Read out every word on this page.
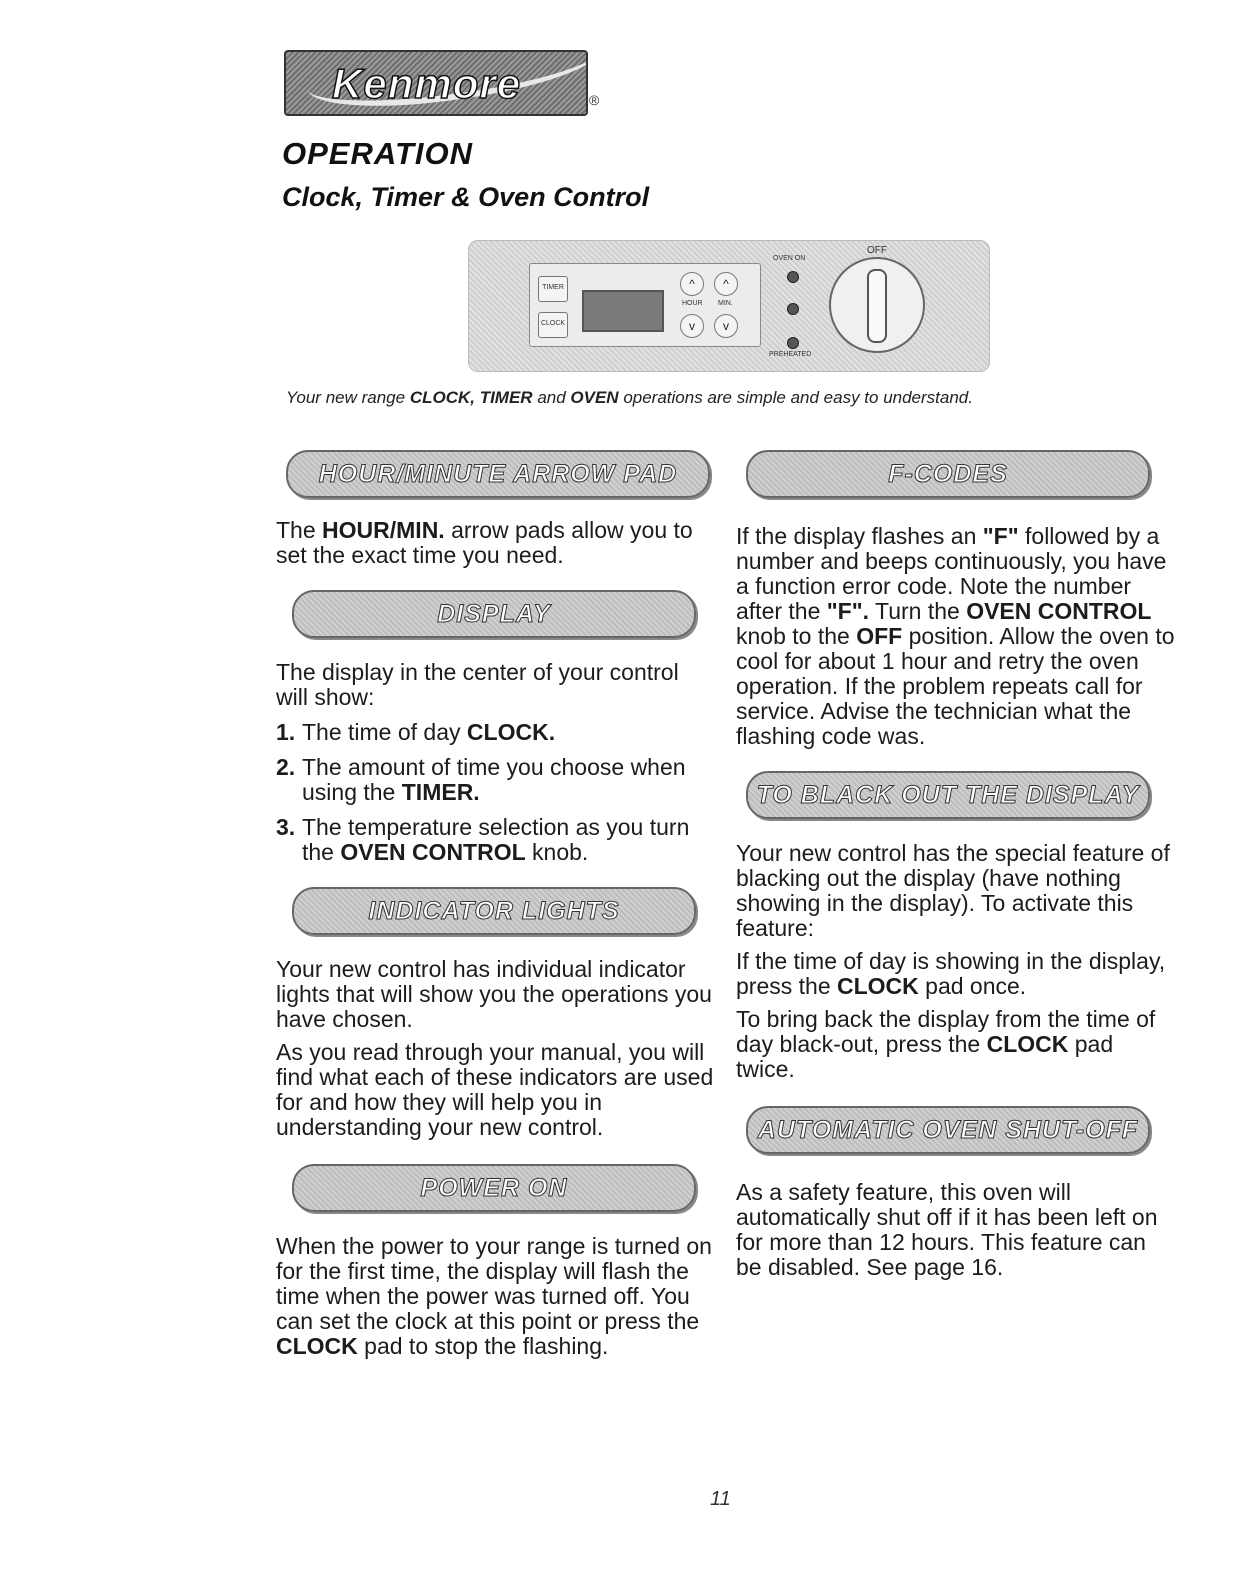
Kenmore	®
OPERATION
Clock, Timer & Oven Control
TIMER
CLOCK
^	^
HOUR MIN.
v	v
OVEN ON
PREHEATED
OFF

Your new range CLOCK, TIMER and OVEN operations are simple and easy to understand.

HOUR/MINUTE ARROW PAD

The HOUR/MIN. arrow pads allow you to set the exact time you need.

DISPLAY

The display in the center of your control will show:

1. The time of day CLOCK.
2. The amount of time you choose when using the TIMER.
3. The temperature selection as you turn the OVEN CONTROL knob.
INDICATOR LIGHTS

Your new control has individual indicator lights that will show you the operations you have chosen.

As you read through your manual, you will find what each of these indicators are used for and how they will help you in understanding your new control.

POWER ON

When the power to your range is turned on for the first time, the display will flash the time when the power was turned off. You can set the clock at this point or press the CLOCK pad to stop the flashing.

F-CODES

If the display flashes an "F" followed by a number and beeps continuously, you have a function error code. Note the number after the "F". Turn the OVEN CONTROL knob to the OFF position. Allow the oven to cool for about 1 hour and retry the oven operation. If the problem repeats call for service. Advise the technician what the flashing code was.

TO BLACK OUT THE DISPLAY

Your new control has the special feature of blacking out the display (have nothing showing in the display). To activate this feature:

If the time of day is showing in the display, press the CLOCK pad once.

To bring back the display from the time of day black-out, press the CLOCK pad twice.

AUTOMATIC OVEN SHUT-OFF

As a safety feature, this oven will automatically shut off if it has been left on for more than 12 hours. This feature can be disabled. See page 16.

11
